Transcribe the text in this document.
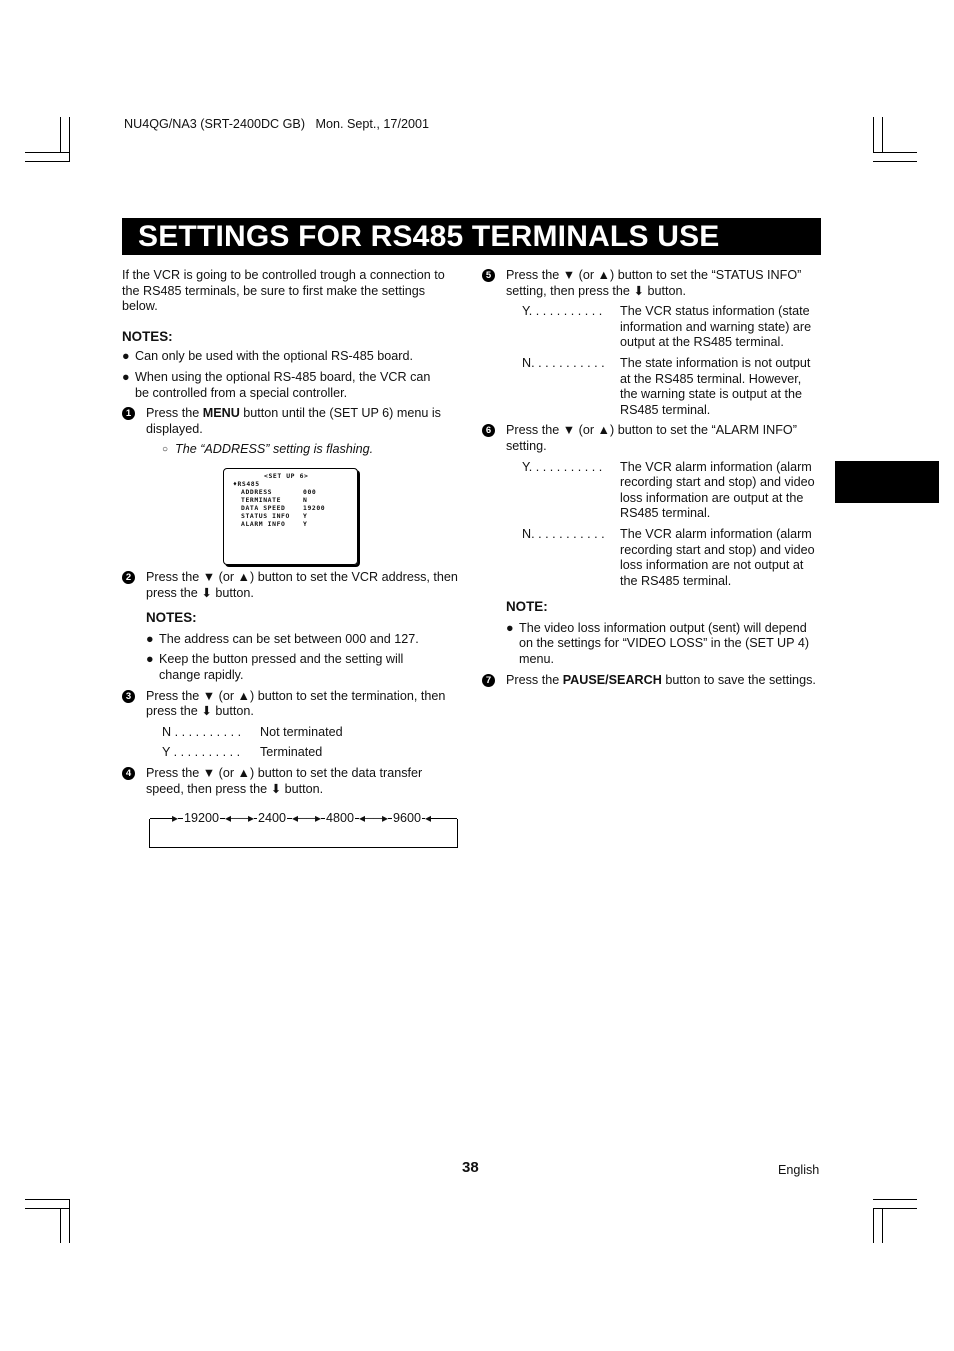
NU4QG/NA3 (SRT-2400DC GB) Mon. Sept., 17/2001
SETTINGS FOR RS485 TERMINALS USE

If the VCR is going to be controlled trough a connection to the RS485 terminals, be sure to first make the settings below.

NOTES:

● Can only be used with the optional RS-485 board.
● When using the optional RS-485 board, the VCR can be controlled from a special controller.
1	Press the MENU button until the (SET UP 6) menu is displayed.
○ The “ADDRESS” setting is flashing.
<SET UP 6>
♦RS485
ADDRESS	000
TERMINATE	N
DATA SPEED	19200
STATUS INFO Y
ALARM INFO	Y
2	Press the ▼ (or ▲) button to set the VCR address, then press the ⬇ button.

NOTES:

● The address can be set between 000 and 127.
● Keep the button pressed and the setting will change rapidly.
3	Press the ▼ (or ▲) button to set the termination, then press the ⬇ button.
N . . . . . . . . . . Not terminated
Y . . . . . . . . . . Terminated
4	Press the ▼ (or ▲) button to set the data transfer speed, then press the ⬇ button.
▸ 19200 ◂──▸ 2400 ◂──▸ 4800 ◂──▸ 9600 ◂
5	Press the ▼ (or ▲) button to set the “STATUS INFO” setting, then press the ⬇ button.
Y. . . . . . . . . . . The VCR status information (state information and warning state) are output at the RS485 terminal.
N. . . . . . . . . . . The state information is not output at the RS485 terminal. However, the warning state is output at the RS485 terminal.
6	Press the ▼ (or ▲) button to set the “ALARM INFO” setting.
Y. . . . . . . . . . . The VCR alarm information (alarm recording start and stop) and video loss information are output at the RS485 terminal.
N. . . . . . . . . . . The VCR alarm information (alarm recording start and stop) and video loss information are not output at the RS485 terminal.

NOTE:

● The video loss information output (sent) will depend on the settings for “VIDEO LOSS” in the (SET UP 4) menu.
7	Press the PAUSE/SEARCH button to save the settings.
38	English
